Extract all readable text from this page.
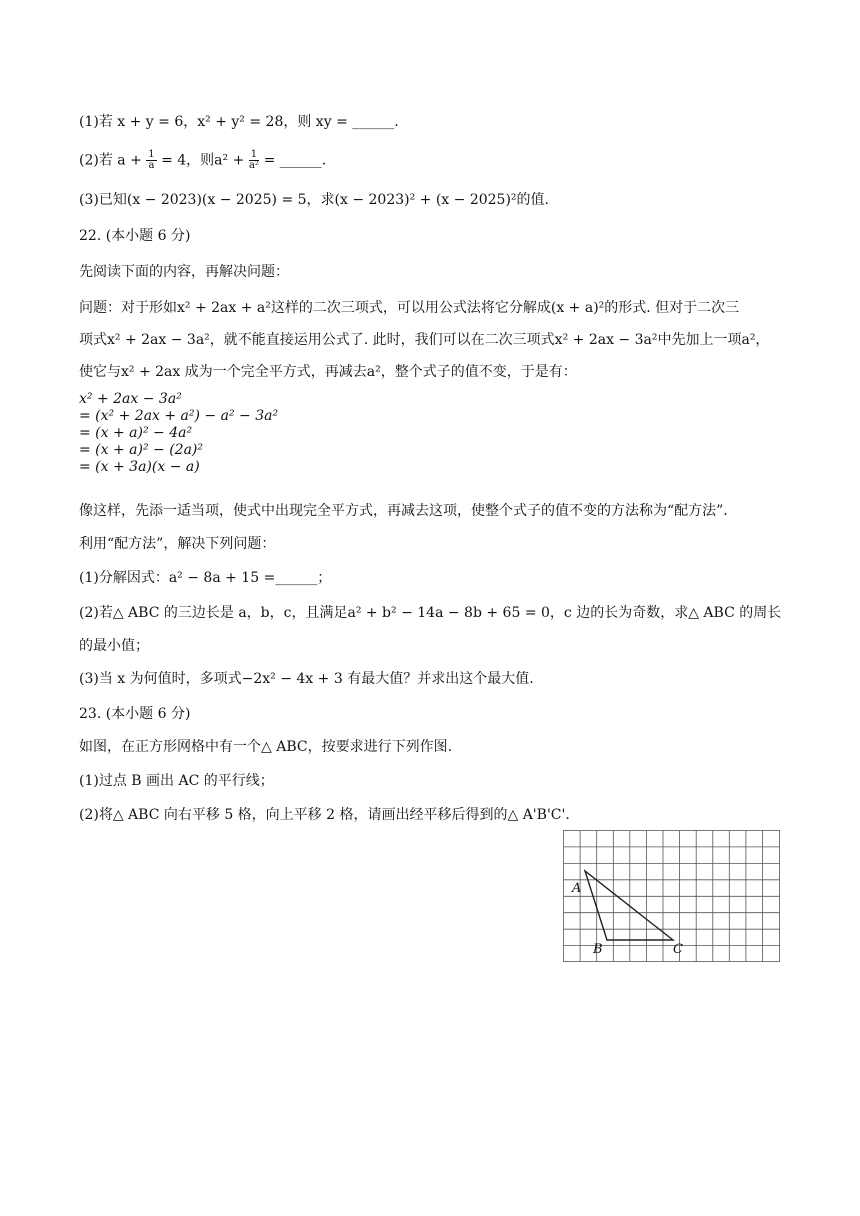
(1)若 x + y = 6，x² + y² = 28，则 xy = ______.
(2)若 $a + \frac{1}{a} = 4$，则$a^2 + \frac{1}{\text{a²}}$ = ______.
(3)已知(x − 2023)(x − 2025) = 5，求(x − 2023)² + (x − 2025)²的值.
22. (本小题 6 分)
先阅读下面的内容，再解决问题：
问题：对于形如x² + 2ax + a²这样的二次三项式，可以用公式法将它分解成(x + a)²的形式. 但对于二次三
项式x² + 2ax − 3a²，就不能直接运用公式了. 此时，我们可以在二次三项式x² + 2ax − 3a²中先加上一项a²，
使它与x² + 2ax 成为一个完全平方式，再减去a²，整个式子的值不变，于是有：
x² + 2ax − 3a²
= (x² + 2ax + a²) − a² − 3a²
= (x + a)² − 4a²
= (x + a)² − (2a)²
= (x + 3a)(x − a)
像这样，先添一适当项，使式中出现完全平方式，再减去这项，使整个式子的值不变的方法称为“配方法”.
利用“配方法”，解决下列问题：
(1)分解因式：a² − 8a + 15 =______；
(2)若△ ABC 的三边长是 a，b，c，且满足a² + b² − 14a − 8b + 65 = 0，c 边的长为奇数，求△ ABC 的周长
的最小值；
(3)当 x 为何值时，多项式−2x² − 4x + 3 有最大值？并求出这个最大值.
23. (本小题 6 分)
如图，在正方形网格中有一个△ ABC，按要求进行下列作图.
(1)过点 B 画出 AC 的平行线；
(2)将△ ABC 向右平移 5 格，向上平移 2 格，请画出经平移后得到的△ A'B'C'.
A
B	C
